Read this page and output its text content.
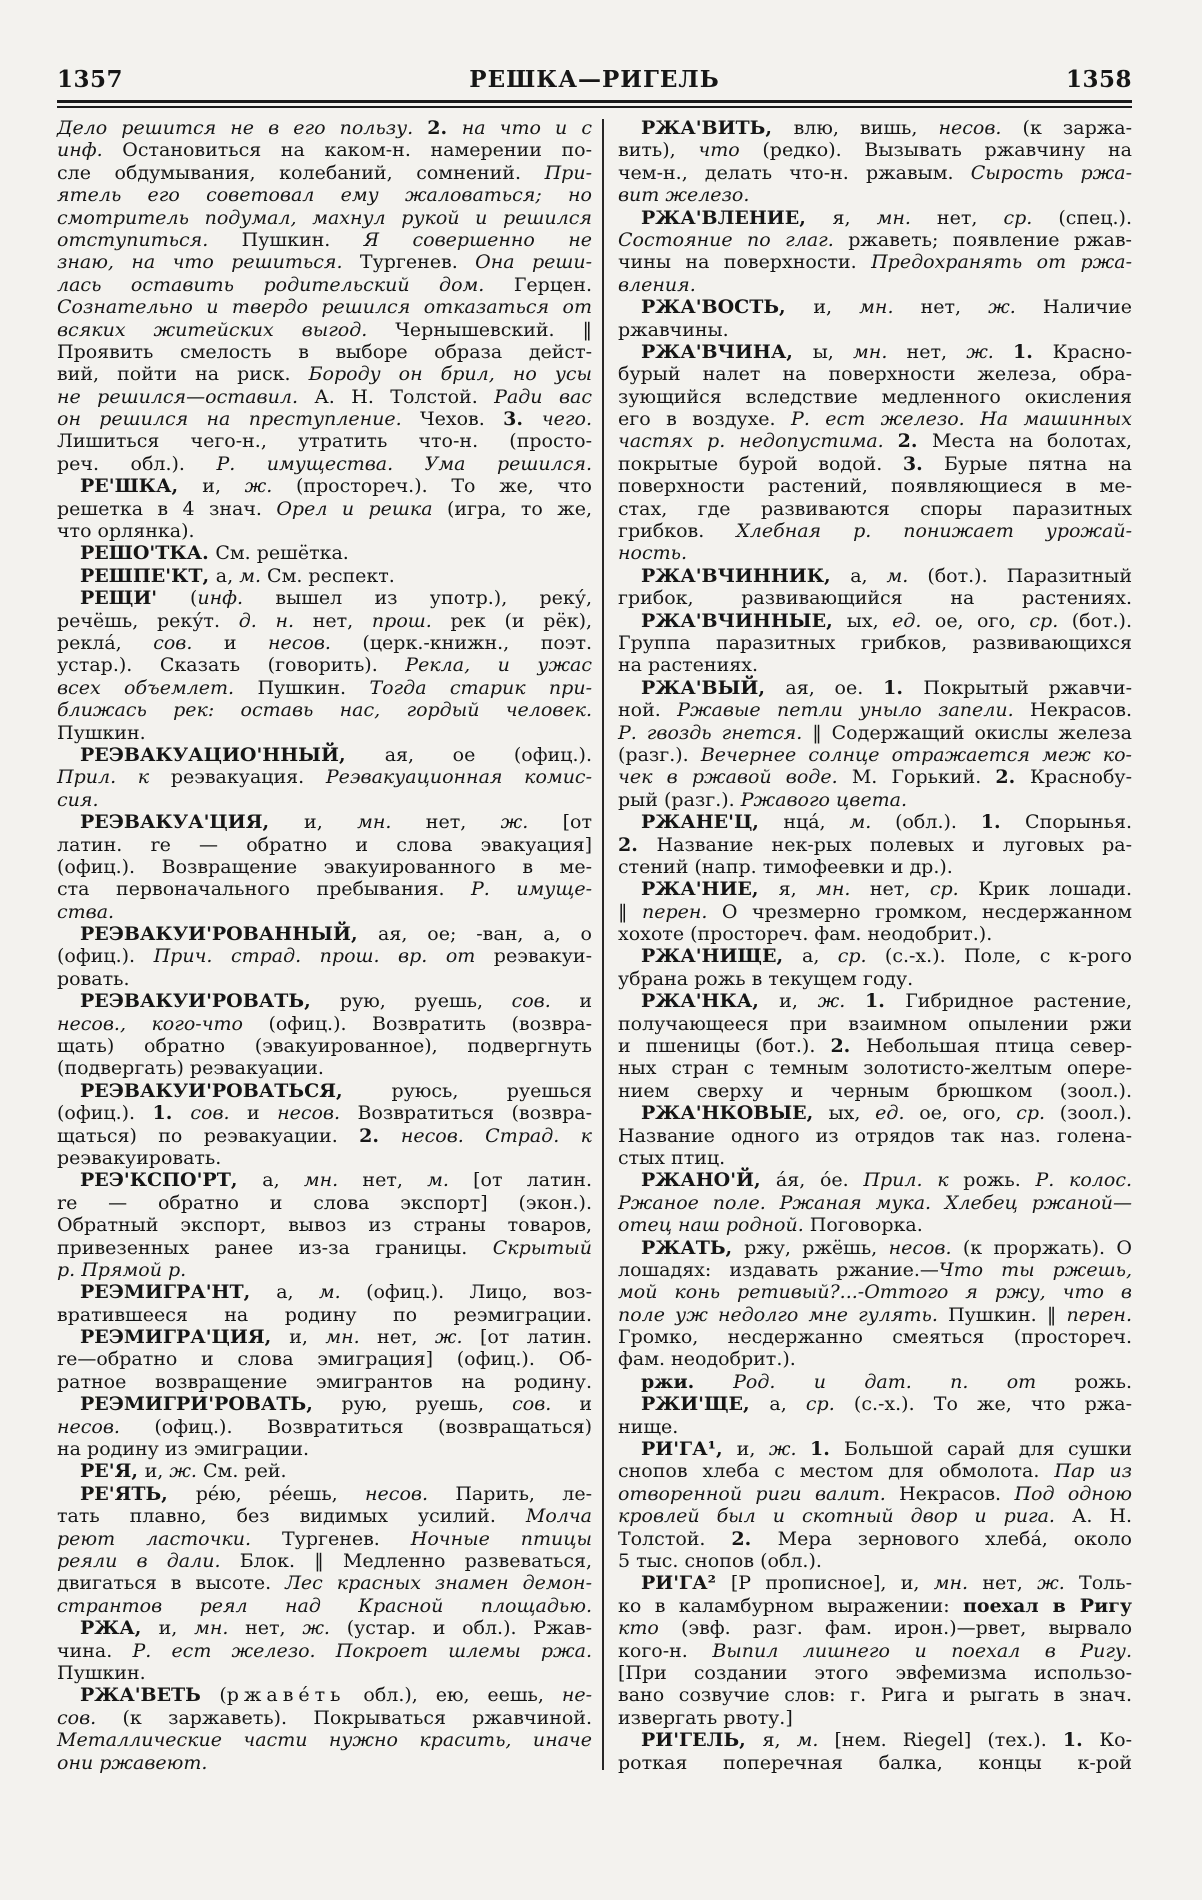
1357	РЕШКА—РИГЕЛЬ	1358
Дело решится не в его пользу. 2. на что и с
инф. Остановиться на каком-н. намерении по-
сле обдумывания, колебаний, сомнений. При-
ятель его советовал ему жаловаться; но
смотритель подумал, махнул рукой и решился
отступиться. Пушкин. Я совершенно не
знаю, на что решиться. Тургенев. Она реши-
лась оставить родительский дом. Герцен.
Сознательно и твердо решился отказаться от
всяких житейских выгод. Чернышевский. ‖
Проявить смелость в выборе образа дейст-
вий, пойти на риск. Бороду он брил, но усы
не решился—оставил. А. Н. Толстой. Ради вас
он решился на преступление. Чехов. 3. чего.
Лишиться чего-н., утратить что-н. (просто-
реч. обл.). Р. имущества. Ума решился.
РЕ'ШКА, и, ж. (простореч.). То же, что
решетка в 4 знач. Орел и решка (игра, то же,
что орлянка).
РЕШО'ТКА. См. решётка.
РЕШПЕ'КТ, а, м. См. респект.
РЕЩИ' (инф. вышел из употр.), реку́,
речёшь, реку́т. д. н. нет, прош. рек (и рёк),
рекла́, сов. и несов. (церк.-книжн., поэт.
устар.). Сказать (говорить). Рекла, и ужас
всех объемлет. Пушкин. Тогда старик при-
ближась рек: оставь нас, гордый человек.
Пушкин.
РЕЭВАКУАЦИО'ННЫЙ, ая, ое (офиц.).
Прил. к реэвакуация. Реэвакуационная комис-
сия.
РЕЭВАКУА'ЦИЯ, и, мн. нет, ж. [от
латин. re — обратно и слова эвакуация]
(офиц.). Возвращение эвакуированного в ме-
ста первоначального пребывания. Р. имуще-
ства.
РЕЭВАКУИ'РОВАННЫЙ, ая, ое; -ван, а, о
(офиц.). Прич. страд. прош. вр. от реэвакуи-
ровать.
РЕЭВАКУИ'РОВАТЬ, рую, руешь, сов. и
несов., кого-что (офиц.). Возвратить (возвра-
щать) обратно (эвакуированное), подвергнуть
(подвергать) реэвакуации.
РЕЭВАКУИ'РОВАТЬСЯ, руюсь, руешься
(офиц.). 1. сов. и несов. Возвратиться (возвра-
щаться) по реэвакуации. 2. несов. Страд. к
реэвакуировать.
РЕЭ'КСПО'РТ, а, мн. нет, м. [от латин.
re — обратно и слова экспорт] (экон.).
Обратный экспорт, вывоз из страны товаров,
привезенных ранее из-за границы. Скрытый
р. Прямой р.
РЕЭМИГРА'НТ, а, м. (офиц.). Лицо, воз-
вратившееся на родину по реэмиграции.
РЕЭМИГРА'ЦИЯ, и, мн. нет, ж. [от латин.
re—обратно и слова эмиграция] (офиц.). Об-
ратное возвращение эмигрантов на родину.
РЕЭМИГРИ'РОВАТЬ, рую, руешь, сов. и
несов. (офиц.). Возвратиться (возвращаться)
на родину из эмиграции.
РЕ'Я, и, ж. См. рей.
РЕ'ЯТЬ, ре́ю, ре́ешь, несов. Парить, ле-
тать плавно, без видимых усилий. Молча
реют ласточки. Тургенев. Ночные птицы
реяли в дали. Блок. ‖ Медленно развеваться,
двигаться в высоте. Лес красных знамен демон-
странтов реял над Красной площадью.
РЖА, и, мн. нет, ж. (устар. и обл.). Ржав-
чина. Р. ест железо. Покроет шлемы ржа.
Пушкин.
РЖА'ВЕТЬ (ржаве́ть обл.), ею, еешь, не-
сов. (к заржаветь). Покрываться ржавчиной.
Металлические части нужно красить, иначе
они ржавеют.
РЖА'ВИТЬ, влю, вишь, несов. (к заржа-
вить), что (редко). Вызывать ржавчину на
чем-н., делать что-н. ржавым. Сырость ржа-
вит железо.
РЖА'ВЛЕНИЕ, я, мн. нет, ср. (спец.).
Состояние по глаг. ржаветь; появление ржав-
чины на поверхности. Предохранять от ржа-
вления.
РЖА'ВОСТЬ, и, мн. нет, ж. Наличие
ржавчины.
РЖА'ВЧИНА, ы, мн. нет, ж. 1. Красно-
бурый налет на поверхности железа, обра-
зующийся вследствие медленного окисления
его в воздухе. Р. ест железо. На машинных
частях р. недопустима. 2. Места на болотах,
покрытые бурой водой. 3. Бурые пятна на
поверхности растений, появляющиеся в ме-
стах, где развиваются споры паразитных
грибков. Хлебная р. понижает урожай-
ность.
РЖА'ВЧИННИК, а, м. (бот.). Паразитный
грибок, развивающийся на растениях.
РЖА'ВЧИННЫЕ, ых, ед. ое, ого, ср. (бот.).
Группа паразитных грибков, развивающихся
на растениях.
РЖА'ВЫЙ, ая, ое. 1. Покрытый ржавчи-
ной. Ржавые петли уныло запели. Некрасов.
Р. гвоздь гнется. ‖ Содержащий окислы железа
(разг.). Вечернее солнце отражается меж ко-
чек в ржавой воде. М. Горький. 2. Краснобу-
рый (разг.). Ржавого цвета.
РЖАНЕ'Ц, нца́, м. (обл.). 1. Спорынья.
2. Название нек-рых полевых и луговых ра-
стений (напр. тимофеевки и др.).
РЖА'НИЕ, я, мн. нет, ср. Крик лошади.
‖ перен. О чрезмерно громком, несдержанном
хохоте (простореч. фам. неодобрит.).
РЖА'НИЩЕ, а, ср. (с.-х.). Поле, с к-рого
убрана рожь в текущем году.
РЖА'НКА, и, ж. 1. Гибридное растение,
получающееся при взаимном опылении ржи
и пшеницы (бот.). 2. Небольшая птица север-
ных стран с темным золотисто-желтым опере-
нием сверху и черным брюшком (зоол.).
РЖА'НКОВЫЕ, ых, ед. ое, ого, ср. (зоол.).
Название одного из отрядов так наз. голена-
стых птиц.
РЖАНО'Й, а́я, о́е. Прил. к рожь. Р. колос.
Ржаное поле. Ржаная мука. Хлебец ржаной—
отец наш родной. Поговорка.
РЖАТЬ, ржу, ржёшь, несов. (к проржать). О
лошадях: издавать ржание.—Что ты ржешь,
мой конь ретивый?...-Оттого я ржу, что в
поле уж недолго мне гулять. Пушкин. ‖ перен.
Громко, несдержанно смеяться (простореч.
фам. неодобрит.).
ржи. Род. и дат. п. от рожь.
РЖИ'ЩЕ, а, ср. (с.-х.). То же, что ржа-
нище.
РИ'ГА¹, и, ж. 1. Большой сарай для сушки
снопов хлеба с местом для обмолота. Пар из
отворенной риги валит. Некрасов. Под одною
кровлей был и скотный двор и рига. А. Н.
Толстой. 2. Мера зернового хлеба́, около
5 тыс. снопов (обл.).
РИ'ГА² [Р прописное], и, мн. нет, ж. Толь-
ко в каламбурном выражении: поехал в Ригу
кто (эвф. разг. фам. ирон.)—рвет, вырвало
кого-н. Выпил лишнего и поехал в Ригу.
[При создании этого эвфемизма использо-
вано созвучие слов: г. Рига и рыгать в знач.
извергать рвоту.]
РИ'ГЕЛЬ, я, м. [нем. Riegel] (тех.). 1. Ко-
роткая поперечная балка, концы к-рой
